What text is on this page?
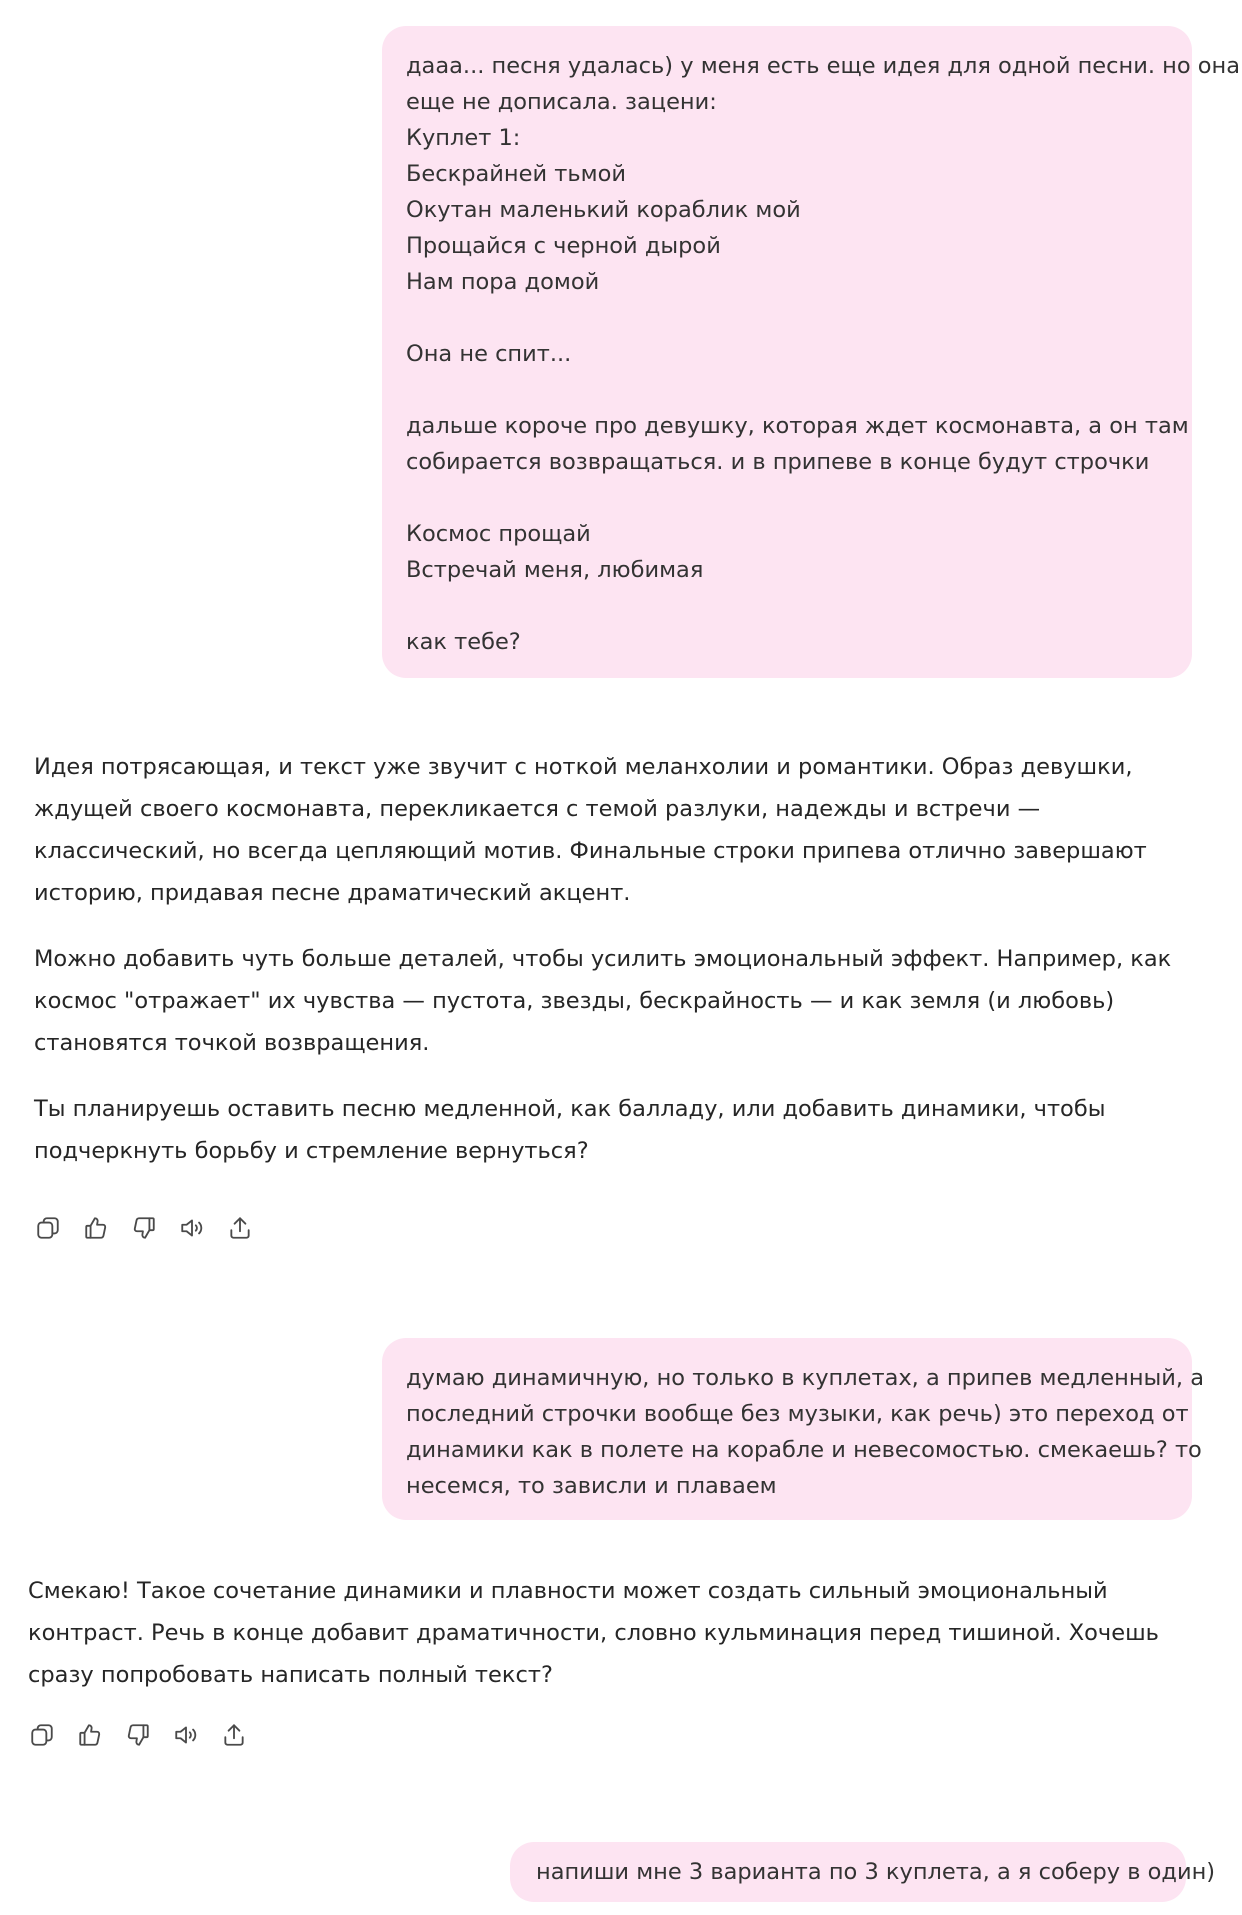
дааа... песня удалась) у меня есть еще идея для одной песни. но она
еще не дописала. зацени:
Куплет 1:
Бескрайней тьмой
Окутан маленький кораблик мой
Прощайся с черной дырой
Нам пора домой
Она не спит...
дальше короче про девушку, которая ждет космонавта, а он там
собирается возвращаться. и в припеве в конце будут строчки
Космос прощай
Встречай меня, любимая
как тебе?

Идея потрясающая, и текст уже звучит с ноткой меланхолии и романтики. Образ девушки, ждущей своего космонавта, перекликается с темой разлуки, надежды и встречи — классический, но всегда цепляющий мотив. Финальные строки припева отлично завершают историю, придавая песне драматический акцент.

Можно добавить чуть больше деталей, чтобы усилить эмоциональный эффект. Например, как космос "отражает" их чувства — пустота, звезды, бескрайность — и как земля (и любовь) становятся точкой возвращения.

Ты планируешь оставить песню медленной, как балладу, или добавить динамики, чтобы подчеркнуть борьбу и стремление вернуться?

думаю динамичную, но только в куплетах, а припев медленный, а
последний строчки вообще без музыки, как речь) это переход от
динамики как в полете на корабле и невесомостью. смекаешь? то
несемся, то зависли и плаваем

Смекаю! Такое сочетание динамики и плавности может создать сильный эмоциональный контраст. Речь в конце добавит драматичности, словно кульминация перед тишиной. Хочешь сразу попробовать написать полный текст?

напиши мне 3 варианта по 3 куплета, а я соберу в один)
